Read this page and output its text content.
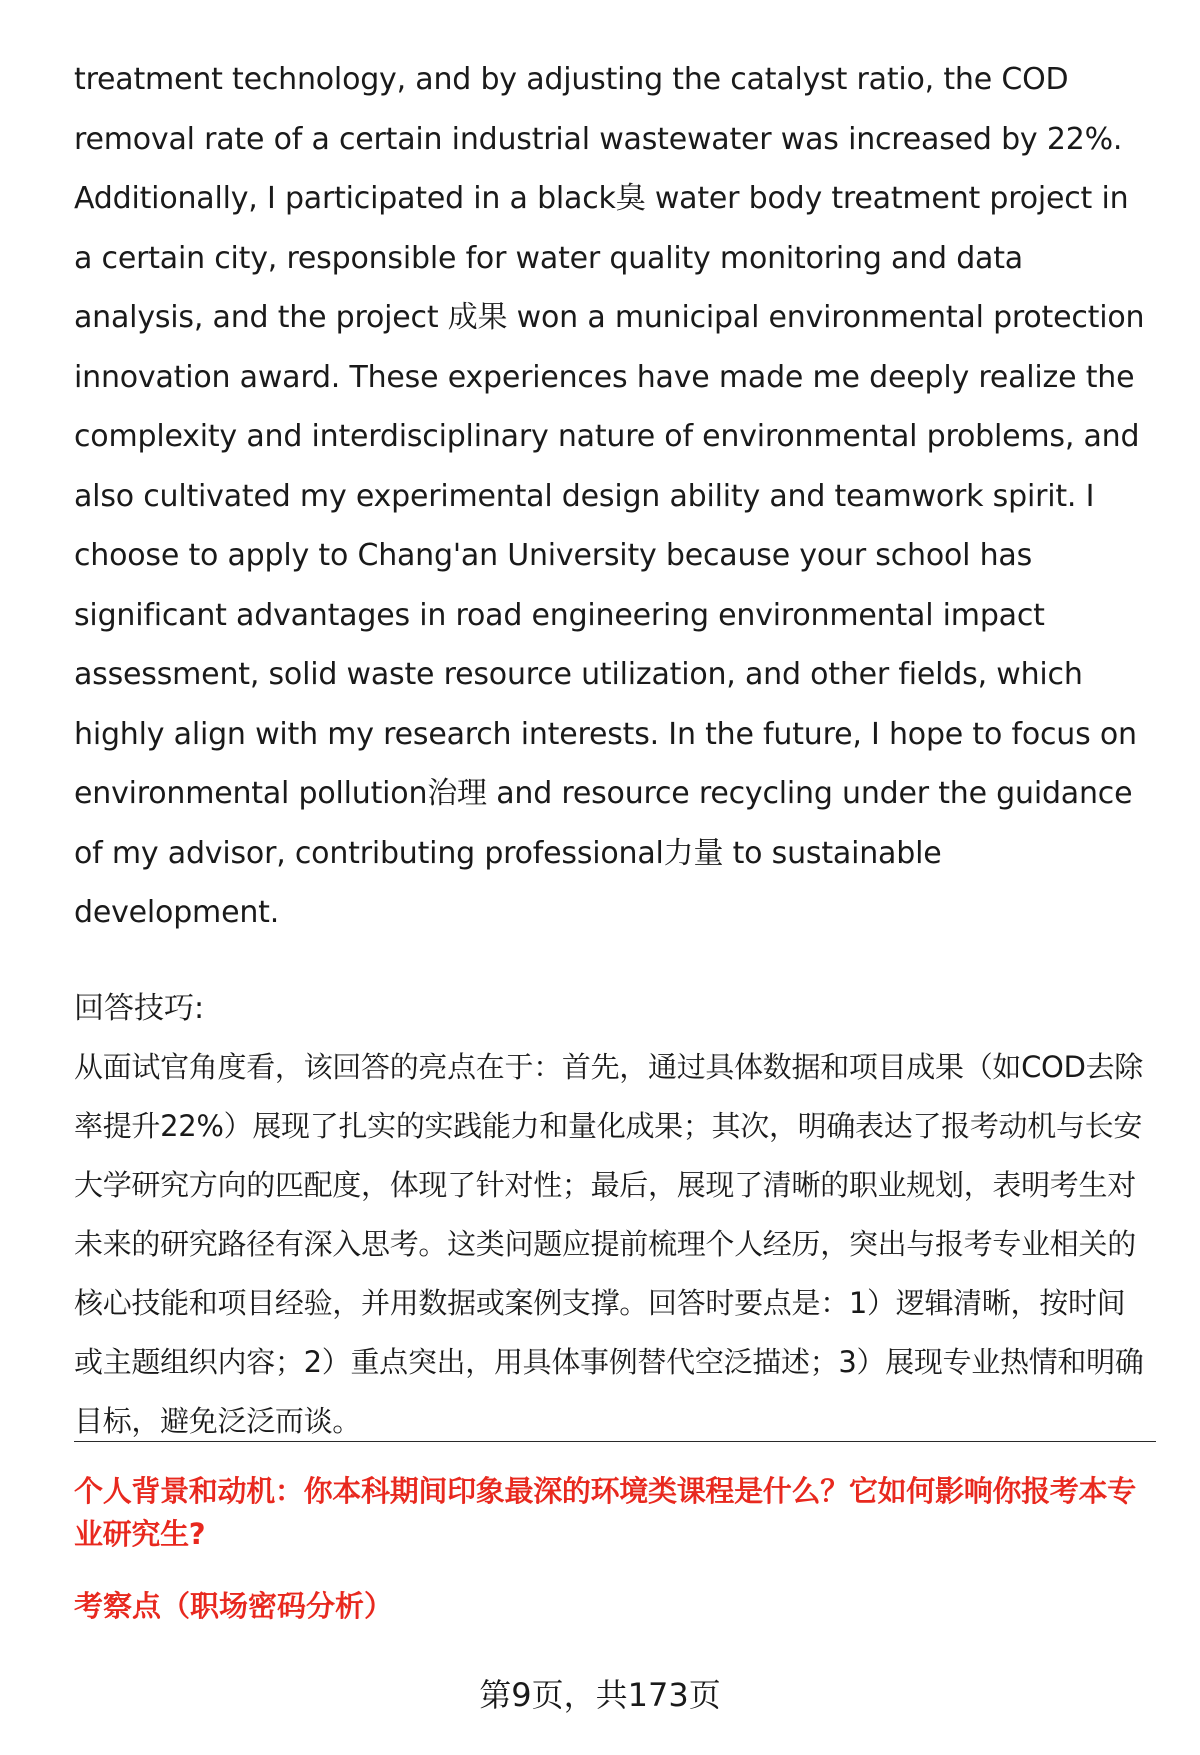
treatment technology, and by adjusting the catalyst ratio, the COD removal rate of a certain industrial wastewater was increased by 22%. Additionally, I participated in a black臭 water body treatment project in a certain city, responsible for water quality monitoring and data analysis, and the project 成果 won a municipal environmental protection innovation award. These experiences have made me deeply realize the complexity and interdisciplinary nature of environmental problems, and also cultivated my experimental design ability and teamwork spirit. I choose to apply to Chang'an University because your school has significant advantages in road engineering environmental impact assessment, solid waste resource utilization, and other fields, which highly align with my research interests. In the future, I hope to focus on environmental pollution治理 and resource recycling under the guidance of my advisor, contributing professional力量 to sustainable development.

回答技巧:

从面试官角度看，该回答的亮点在于：首先，通过具体数据和项目成果（如COD去除率提升22%）展现了扎实的实践能力和量化成果；其次，明确表达了报考动机与长安大学研究方向的匹配度，体现了针对性；最后，展现了清晰的职业规划，表明考生对未来的研究路径有深入思考。这类问题应提前梳理个人经历，突出与报考专业相关的核心技能和项目经验，并用数据或案例支撑。回答时要点是：1）逻辑清晰，按时间或主题组织内容；2）重点突出，用具体事例替代空泛描述；3）展现专业热情和明确目标，避免泛泛而谈。

个人背景和动机：你本科期间印象最深的环境类课程是什么？它如何影响你报考本专业研究生?
考察点（职场密码分析）
第9页，共173页
